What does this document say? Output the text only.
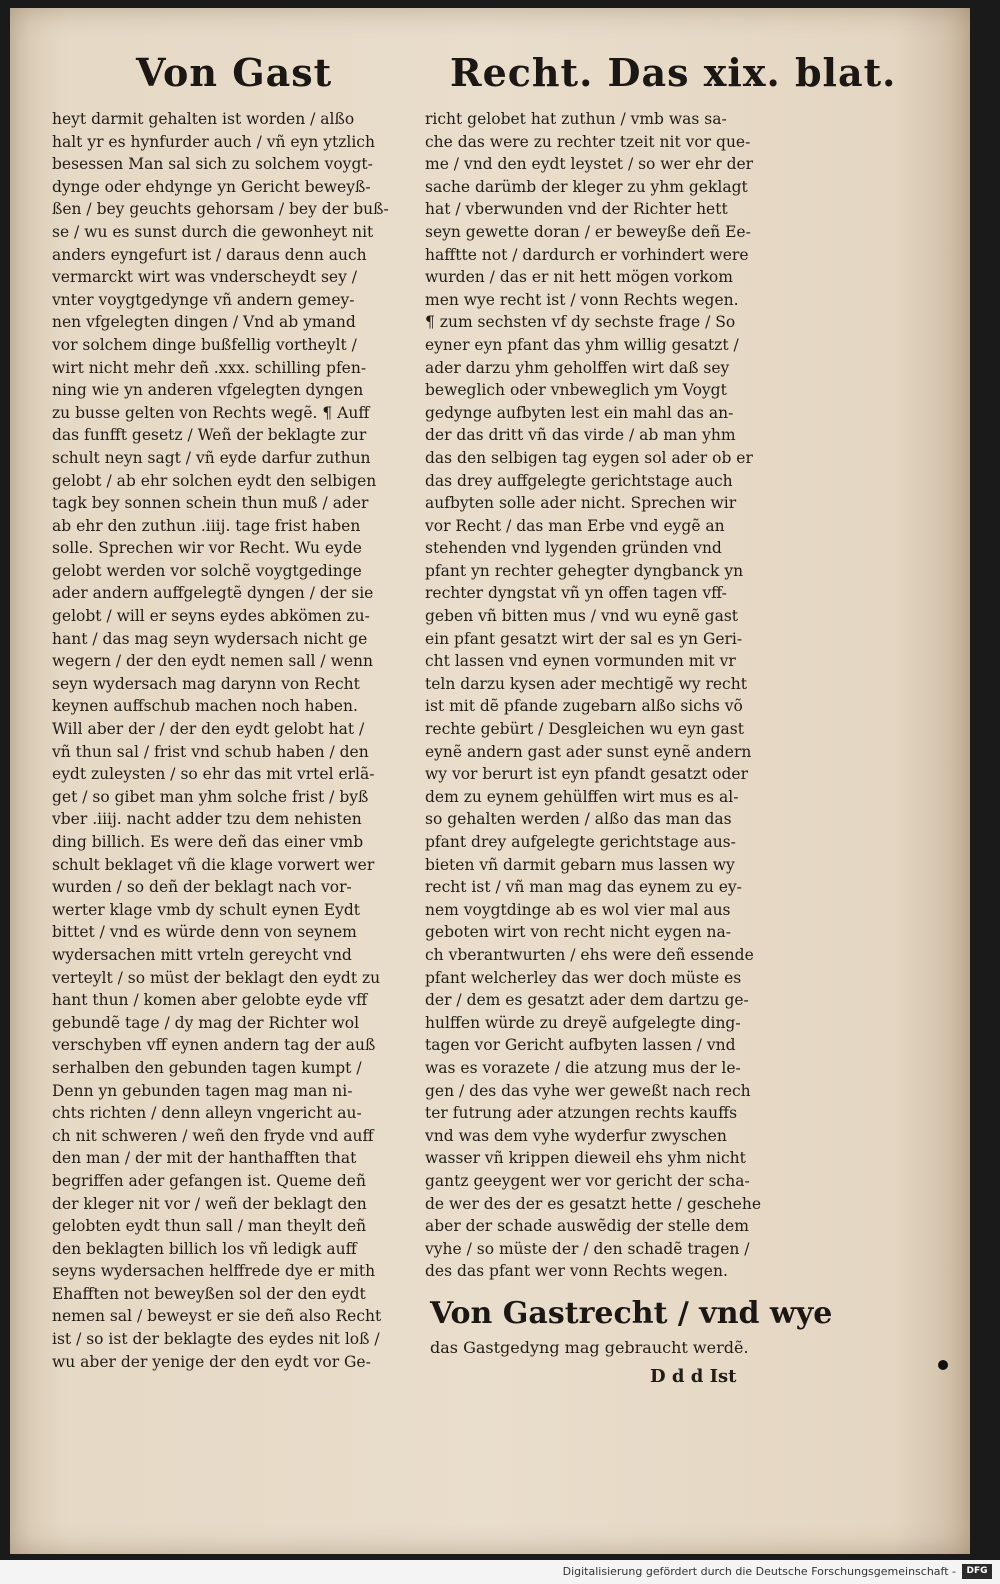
Von Gast	Recht. Das xix. blat.
heyt darmit gehalten ist worden / alßo
halt yr es hynfurder auch / vñ eyn ytzlich
besessen Man sal sich zu solchem voygt-
dynge oder ehdynge yn Gericht beweyß-
ßen / bey geuchts gehorsam / bey der buß-
se / wu es sunst durch die gewonheyt nit
anders eyngefurt ist / daraus denn auch
vermarckt wirt was vnderscheydt sey /
vnter voygtgedynge vñ andern gemey-
nen vfgelegten dingen / Vnd ab ymand
vor solchem dinge bußfellig vortheylt /
wirt nicht mehr deñ .xxx. schilling pfen-
ning wie yn anderen vfgelegten dyngen
zu busse gelten von Rechts wegẽ. ¶ Auff
das funfft gesetz / Weñ der beklagte zur
schult neyn sagt / vñ eyde darfur zuthun
gelobt / ab ehr solchen eydt den selbigen
tagk bey sonnen schein thun muß / ader
ab ehr den zuthun .iiij. tage frist haben
solle. Sprechen wir vor Recht. Wu eyde
gelobt werden vor solchẽ voygtgedinge
ader andern auffgelegtẽ dyngen / der sie
gelobt / will er seyns eydes abkömen zu-
hant / das mag seyn wydersach nicht ge
wegern / der den eydt nemen sall / wenn
seyn wydersach mag darynn von Recht
keynen auffschub machen noch haben.
Will aber der / der den eydt gelobt hat /
vñ thun sal / frist vnd schub haben / den
eydt zuleysten / so ehr das mit vrtel erlã-
get / so gibet man yhm solche frist / byß
vber .iiij. nacht adder tzu dem nehisten
ding billich. Es were deñ das einer vmb
schult beklaget vñ die klage vorwert wer
wurden / so deñ der beklagt nach vor-
werter klage vmb dy schult eynen Eydt
bittet / vnd es würde denn von seynem
wydersachen mitt vrteln gereycht vnd
verteylt / so müst der beklagt den eydt zu
hant thun / komen aber gelobte eyde vff
gebundẽ tage / dy mag der Richter wol
verschyben vff eynen andern tag der auß
serhalben den gebunden tagen kumpt /
Denn yn gebunden tagen mag man ni-
chts richten / denn alleyn vngericht au-
ch nit schweren / weñ den fryde vnd auff
den man / der mit der hanthafften that
begriffen ader gefangen ist. Queme deñ
der kleger nit vor / weñ der beklagt den
gelobten eydt thun sall / man theylt deñ
den beklagten billich los vñ ledigk auff
seyns wydersachen helffrede dye er mith
Ehafften not beweyßen sol der den eydt
nemen sal / beweyst er sie deñ also Recht
ist / so ist der beklagte des eydes nit loß /
wu aber der yenige der den eydt vor Ge-
richt gelobet hat zuthun / vmb was sa-
che das were zu rechter tzeit nit vor que-
me / vnd den eydt leystet / so wer ehr der
sache darümb der kleger zu yhm geklagt
hat / vberwunden vnd der Richter hett
seyn gewette doran / er beweyße deñ Ee-
hafftte not / dardurch er vorhindert were
wurden / das er nit hett mögen vorkom
men wye recht ist / vonn Rechts wegen.
¶ zum sechsten vf dy sechste frage / So
eyner eyn pfant das yhm willig gesatzt /
ader darzu yhm geholffen wirt daß sey
beweglich oder vnbeweglich ym Voygt
gedynge aufbyten lest ein mahl das an-
der das dritt vñ das virde / ab man yhm
das den selbigen tag eygen sol ader ob er
das drey auffgelegte gerichtstage auch
aufbyten solle ader nicht. Sprechen wir
vor Recht / das man Erbe vnd eygẽ an
stehenden vnd lygenden gründen vnd
pfant yn rechter gehegter dyngbanck yn
rechter dyngstat vñ yn offen tagen vff-
geben vñ bitten mus / vnd wu eynẽ gast
ein pfant gesatzt wirt der sal es yn Geri-
cht lassen vnd eynen vormunden mit vr
teln darzu kysen ader mechtigẽ wy recht
ist mit dẽ pfande zugebarn alßo sichs võ
rechte gebürt / Desgleichen wu eyn gast
eynẽ andern gast ader sunst eynẽ andern
wy vor berurt ist eyn pfandt gesatzt oder
dem zu eynem gehülffen wirt mus es al-
so gehalten werden / alßo das man das
pfant drey aufgelegte gerichtstage aus-
bieten vñ darmit gebarn mus lassen wy
recht ist / vñ man mag das eynem zu ey-
nem voygtdinge ab es wol vier mal aus
geboten wirt von recht nicht eygen na-
ch vberantwurten / ehs were deñ essende
pfant welcherley das wer doch müste es
der / dem es gesatzt ader dem dartzu ge-
hulffen würde zu dreyẽ aufgelegte ding-
tagen vor Gericht aufbyten lassen / vnd
was es vorazete / die atzung mus der le-
gen / des das vyhe wer geweßt nach rech
ter futrung ader atzungen rechts kauffs
vnd was dem vyhe wyderfur zwyschen
wasser vñ krippen dieweil ehs yhm nicht
gantz geeygent wer vor gericht der scha-
de wer des der es gesatzt hette / geschehe
aber der schade auswẽdig der stelle dem
vyhe / so müste der / den schadẽ tragen /
des das pfant wer vonn Rechts wegen.
Von Gastrecht / vnd wye
das Gastgedyng mag gebraucht werdẽ.
D d d Ist
Digitalisierung gefördert durch die Deutsche Forschungsgemeinschaft -	DFG
